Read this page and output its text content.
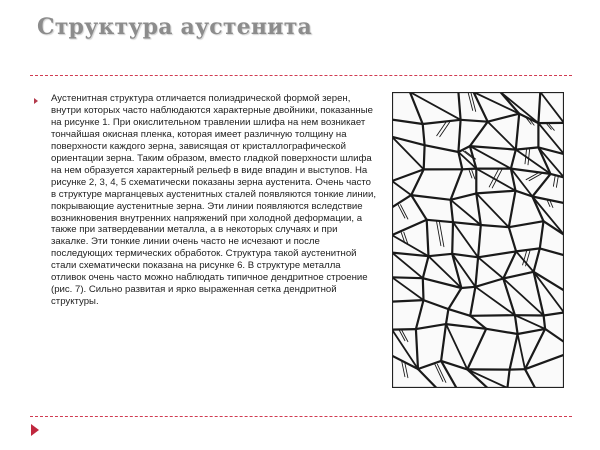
Структура аустенита

Аустенитная структура отличается полиэдрической формой зерен, внутри которых часто наблюдаются характерные двойники, показанные на рисунке 1. При окислительном травлении шлифа на нем возникает тончайшая окисная пленка, которая имеет различную толщину на поверхности каждого зерна, зависящая от кристаллографической ориентации зерна. Таким образом, вместо гладкой поверхности шлифа на нем образуется характерный рельеф в виде впадин и выступов. На рисунке 2, 3, 4, 5 схематически показаны зерна аустенита. Очень часто в структуре марганцевых аустенитных сталей появляются тонкие линии, покрывающие аустенитные зерна. Эти линии появляются вследствие возникновения внутренних напряжений при холодной деформации, а также при затвердевании металла, а в некоторых случаях и при закалке. Эти тонкие линии очень часто не исчезают и после последующих термических обработок. Структура такой аустенитной стали схематически показана на рисунке 6. В структуре металла отливок очень часто можно наблюдать типичное дендритное строение (рис. 7). Сильно развитая и ярко выраженная сетка дендритной структуры.
